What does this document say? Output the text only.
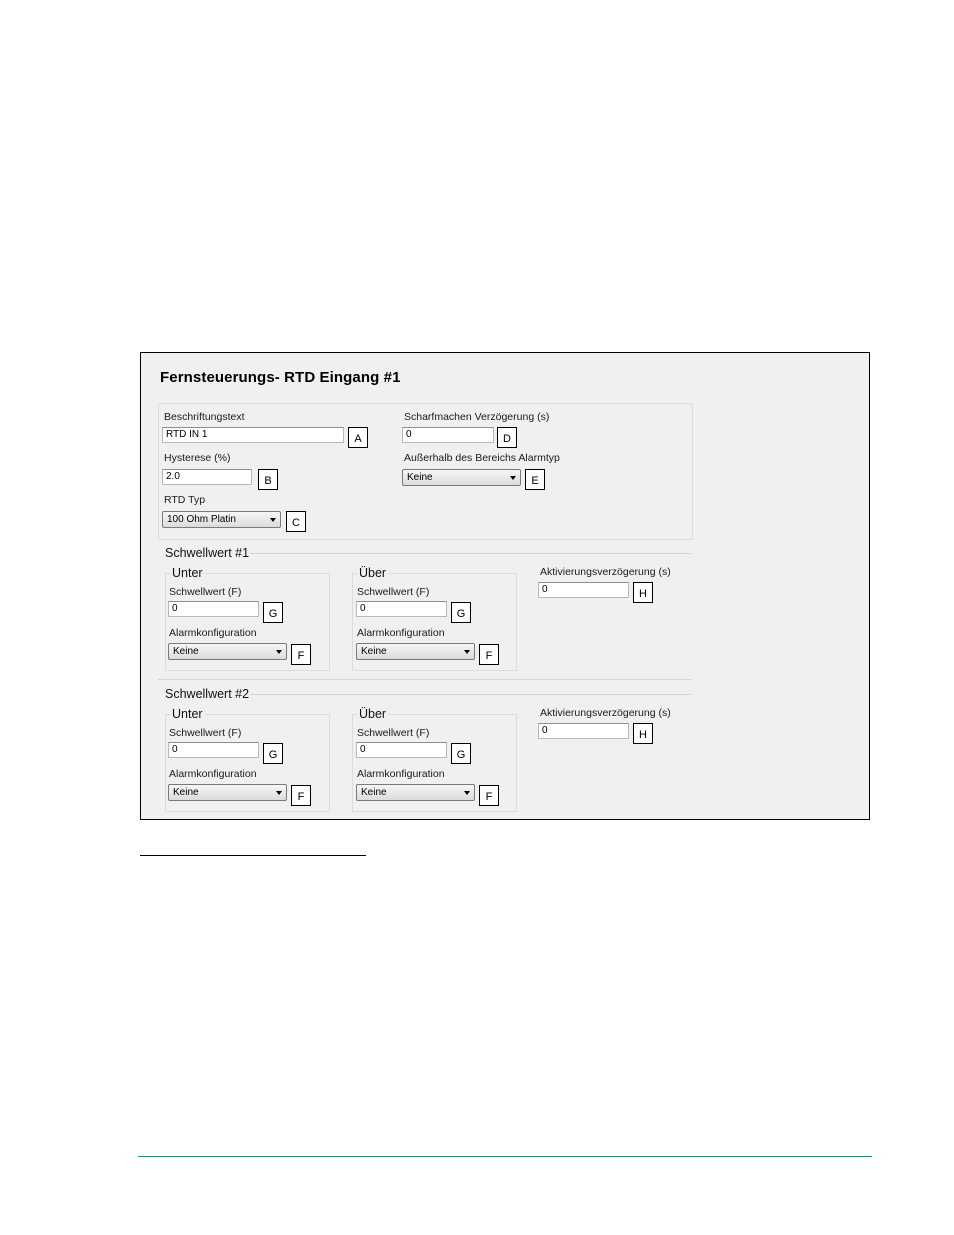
Fernsteuerungs- RTD Eingang #1
Beschriftungstext
RTD IN 1	A
Hysterese (%)
2.0	B
RTD Typ
100 Ohm Platin	C
Scharfmachen Verzögerung (s)
0	D
Außerhalb des Bereichs Alarmtyp
Keine	E
Schwellwert #1
Unter
Schwellwert (F)
0	G
Alarmkonfiguration
Keine	F
Über
Schwellwert (F)
0	G
Alarmkonfiguration
Keine	F
Aktivierungsverzögerung (s)
0	H
Schwellwert #2
Unter
Schwellwert (F)
0	G
Alarmkonfiguration
Keine	F
Über
Schwellwert (F)
0	G
Alarmkonfiguration
Keine	F
Aktivierungsverzögerung (s)
0	H
